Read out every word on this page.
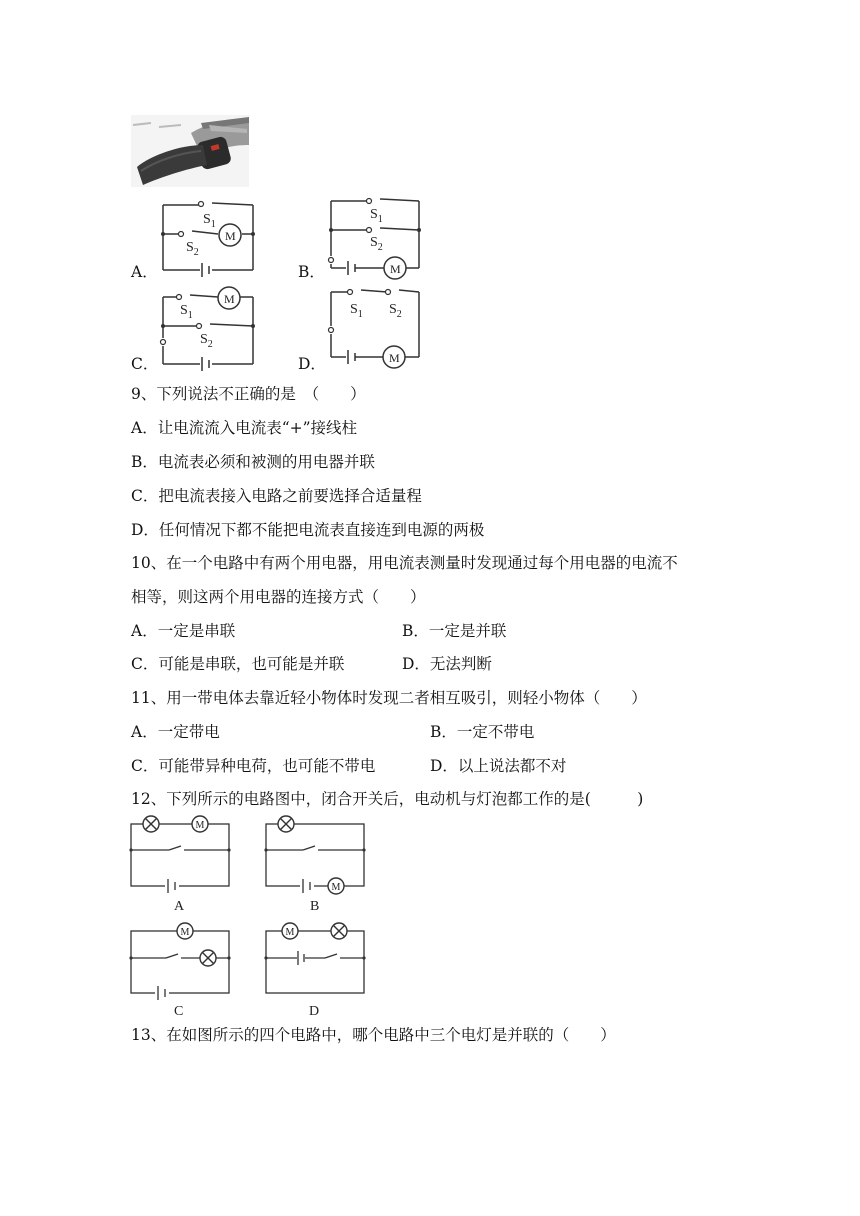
A．	B．
C．	D．
$S_1$
$S_2$
M
$S_1$
$S_2$
M
$S_1$
$S_2$
M
$S_1$ $S_2$
M
9、下列说法不正确的是　（　　）
A．让电流流入电流表“+”接线柱
B．电流表必须和被测的用电器并联
C．把电流表接入电路之前要选择合适量程
D．任何情况下都不能把电流表直接连到电源的两极
10、在一个电路中有两个用电器，用电流表测量时发现通过每个用电器的电流不
相等，则这两个用电器的连接方式（　　）
A．一定是串联	B．一定是并联
C．可能是串联，也可能是并联	D．无法判断
11、用一带电体去靠近轻小物体时发现二者相互吸引，则轻小物体（　　）
A．一定带电	B．一定不带电
C．可能带异种电荷，也可能不带电	D．以上说法都不对
12、下列所示的电路图中，闭合开关后，电动机与灯泡都工作的是(　　　)
M
A
M
B
M
C
M
D
13、在如图所示的四个电路中，哪个电路中三个电灯是并联的（　　）
